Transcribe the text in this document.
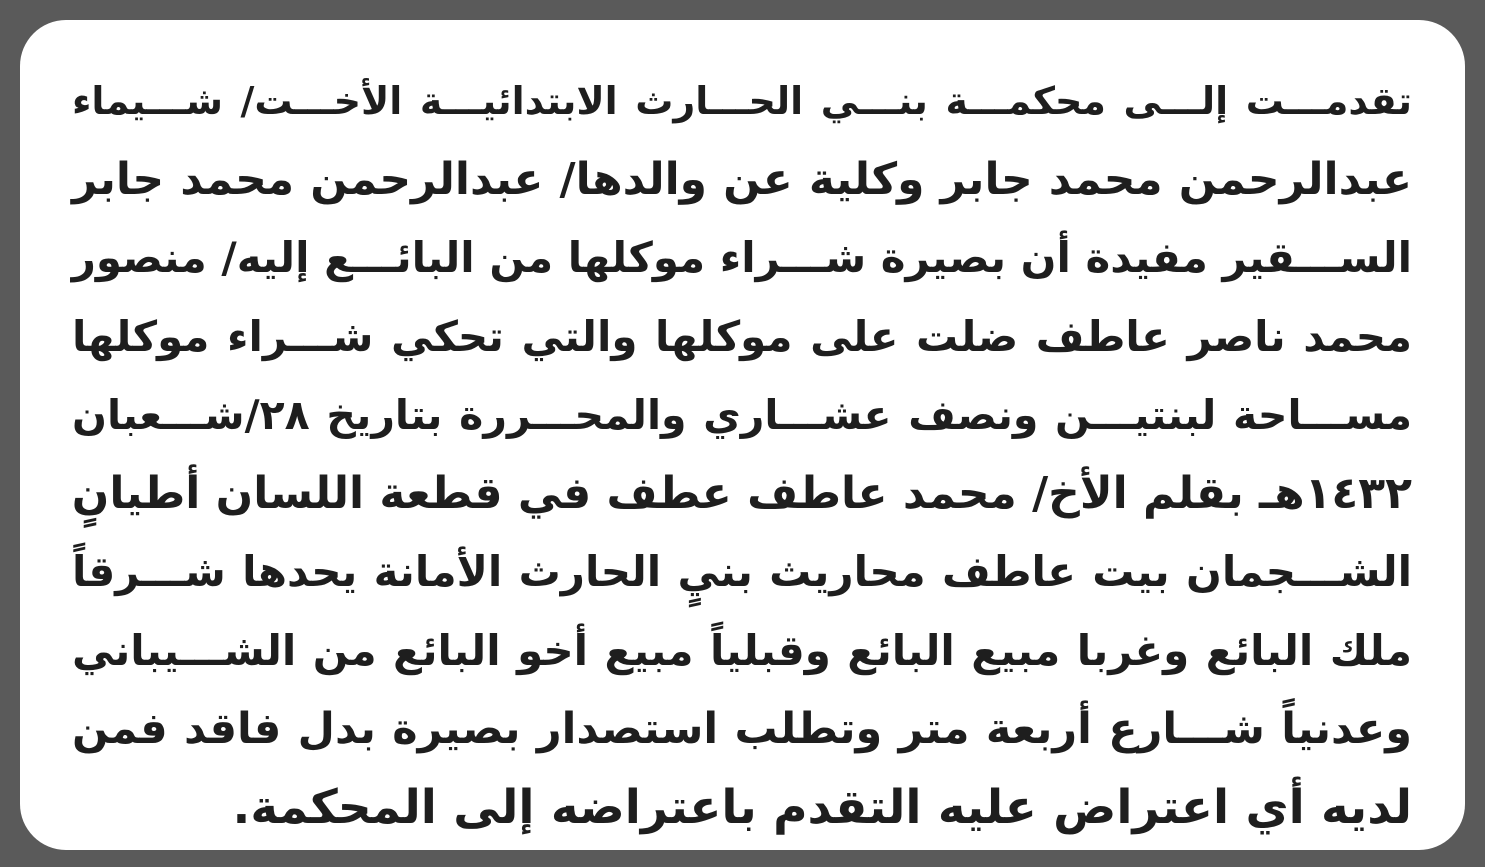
تقدمـــت إلـــى محكمـــة بنـــي الحـــارث الابتدائيـــة الأخـــت/ شـــيماء
عبدالرحمن محمد جابر وكلية عن والدها/ عبدالرحمن محمد جابر
الســـقير مفيدة أن بصيرة شـــراء موكلها من البائـــع إليه/ منصور
محمد ناصر عاطف ضلت على موكلها والتي تحكي شـــراء موكلها
مســـاحة لبنتيـــن ونصف عشـــاري والمحـــررة بتاريخ ٢٨/شـــعبان
١٤٣٢هـ بقلم الأخ/ محمد عاطف عطف في قطعة اللسان أطيانٍ
الشـــجمان بيت عاطف محاريث بنيٍ الحارث الأمانة يحدها شـــرقاً
ملك البائع وغربا مبيع البائع وقبلياً مبيع أخو البائع من الشـــيباني
وعدنياً شـــارع أربعة متر وتطلب استصدار بصيرة بدل فاقد فمن
لديه أي اعتراض عليه التقدم باعتراضه إلى المحكمة.
